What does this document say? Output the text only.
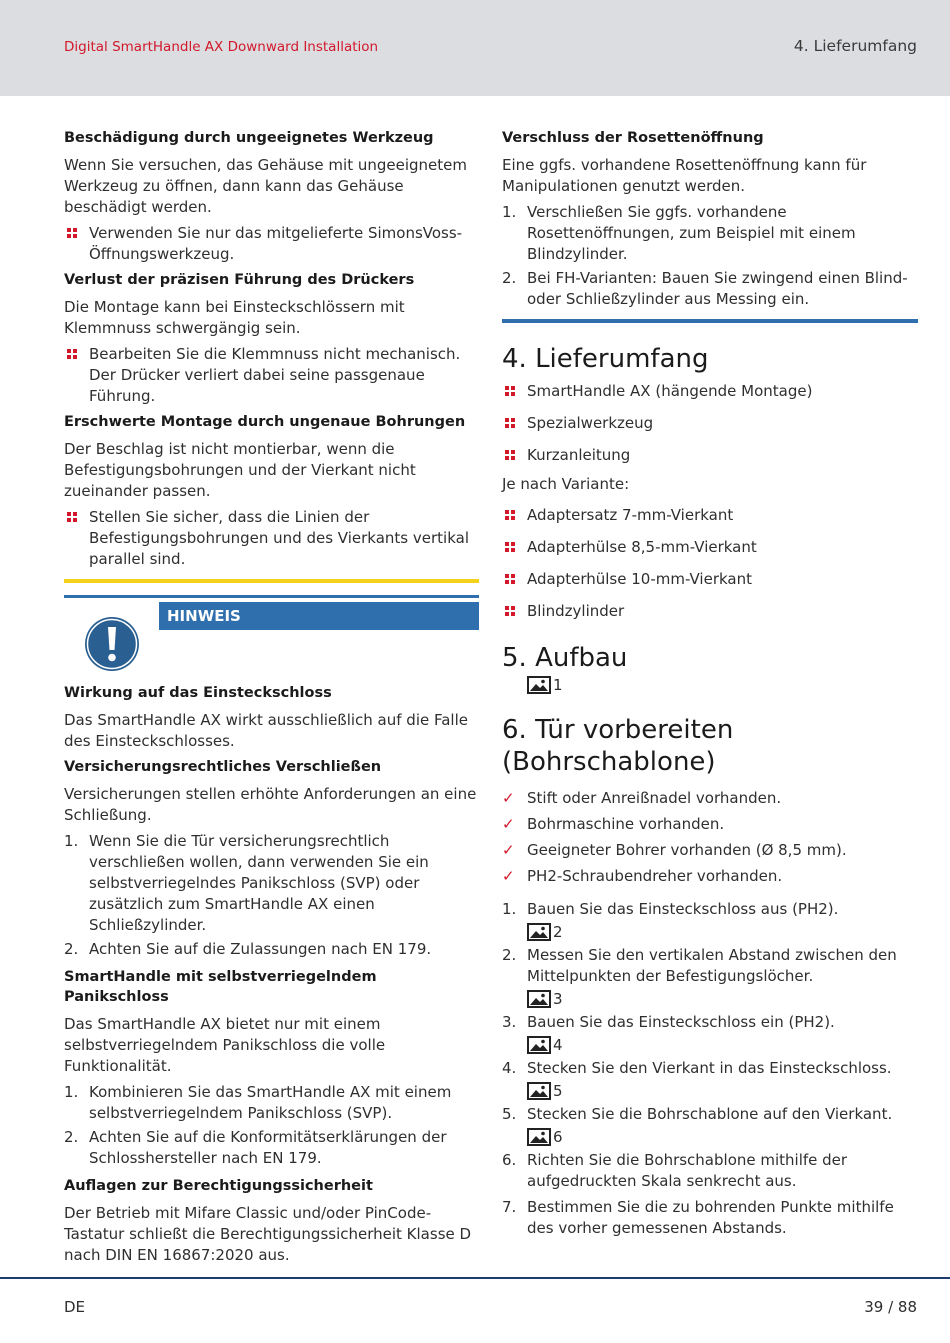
Digital SmartHandle AX Downward Installation	4. Lieferumfang
Beschädigung durch ungeeignetes Werkzeug

Wenn Sie versuchen, das Gehäuse mit ungeeignetem Werkzeug zu öffnen, dann kann das Gehäuse beschädigt werden.

Verwenden Sie nur das mitgelieferte SimonsVoss-Öffnungswerkzeug.
Verlust der präzisen Führung des Drückers

Die Montage kann bei Einsteckschlössern mit Klemmnuss schwergängig sein.

Bearbeiten Sie die Klemmnuss nicht mechanisch. Der Drücker verliert dabei seine passgenaue Führung.
Erschwerte Montage durch ungenaue Bohrungen

Der Beschlag ist nicht montierbar, wenn die Befestigungsbohrungen und der Vierkant nicht zueinander passen.

Stellen Sie sicher, dass die Linien der Befestigungsbohrungen und des Vierkants vertikal parallel sind.
HINWEIS
Wirkung auf das Einsteckschloss

Das SmartHandle AX wirkt ausschließlich auf die Falle des Einsteckschlosses.

Versicherungsrechtliches Verschließen

Versicherungen stellen erhöhte Anforderungen an eine Schließung.

1. Wenn Sie die Tür versicherungsrechtlich verschließen wollen, dann verwenden Sie ein selbstverriegelndes Panikschloss (SVP) oder zusätzlich zum SmartHandle AX einen Schließzylinder.
2. Achten Sie auf die Zulassungen nach EN 179.
SmartHandle mit selbstverriegelndem Panikschloss

Das SmartHandle AX bietet nur mit einem selbstverriegelndem Panikschloss die volle Funktionalität.

1. Kombinieren Sie das SmartHandle AX mit einem selbstverriegelndem Panikschloss (SVP).
2. Achten Sie auf die Konformitätserklärungen der Schlosshersteller nach EN 179.
Auflagen zur Berechtigungssicherheit

Der Betrieb mit Mifare Classic und/oder PinCode-Tastatur schließt die Berechtigungssicherheit Klasse D nach DIN EN 16867:2020 aus.

Verschluss der Rosettenöffnung

Eine ggfs. vorhandene Rosettenöffnung kann für Manipulationen genutzt werden.

1. Verschließen Sie ggfs. vorhandene Rosettenöffnungen, zum Beispiel mit einem Blindzylinder.
2. Bei FH-Varianten: Bauen Sie zwingend einen Blind- oder Schließzylinder aus Messing ein.
4. Lieferumfang
SmartHandle AX (hängende Montage)
Spezialwerkzeug
Kurzanleitung

Je nach Variante:

Adaptersatz 7-mm-Vierkant
Adapterhülse 8,5-mm-Vierkant
Adapterhülse 10-mm-Vierkant
Blindzylinder
5. Aufbau
1
6. Tür vorbereiten (Bohrschablone)
✓ Stift oder Anreißnadel vorhanden.
✓ Bohrmaschine vorhanden.
✓ Geeigneter Bohrer vorhanden (Ø 8,5 mm).
✓ PH2-Schraubendreher vorhanden.
1. Bauen Sie das Einsteckschloss aus (PH2).
2
2. Messen Sie den vertikalen Abstand zwischen den Mittelpunkten der Befestigungslöcher.
3
3. Bauen Sie das Einsteckschloss ein (PH2).
4
4. Stecken Sie den Vierkant in das Einsteckschloss.
5
5. Stecken Sie die Bohrschablone auf den Vierkant.
6
6. Richten Sie die Bohrschablone mithilfe der aufgedruckten Skala senkrecht aus.
7. Bestimmen Sie die zu bohrenden Punkte mithilfe des vorher gemessenen Abstands.
DE	39 / 88
